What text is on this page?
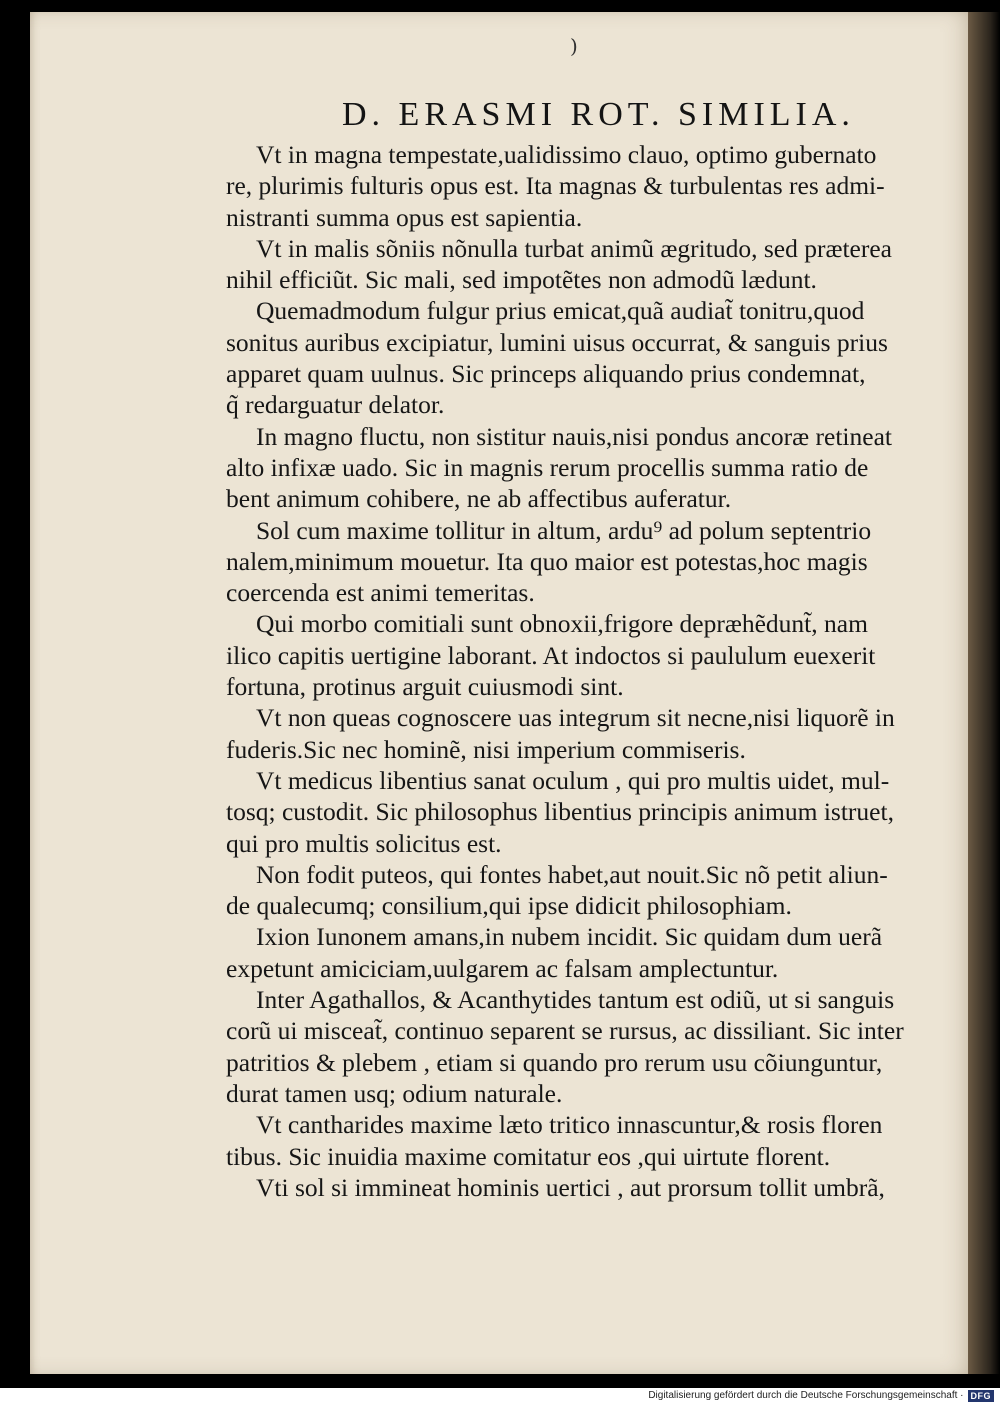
)
D. ERASMI ROT. SIMILIA.
Vt in magna tempestate,ualidissimo clauo, optimo gubernato
re, plurimis fulturis opus est. Ita magnas & turbulentas res admi-
nistranti summa opus est sapientia.
Vt in malis sõniis nõnulla turbat animũ ægritudo, sed præterea
nihil efficiũt. Sic mali, sed impotẽtes non admodũ lædunt.
Quemadmodum fulgur prius emicat,quã audiat̃ tonitru,quod
sonitus auribus excipiatur, lumini uisus occurrat, & sanguis prius
apparet quam uulnus. Sic princeps aliquando prius condemnat,
q̃ redarguatur delator.
In magno fluctu, non sistitur nauis,nisi pondus ancoræ retineat
alto infixæ uado. Sic in magnis rerum procellis summa ratio de
bent animum cohibere, ne ab affectibus auferatur.
Sol cum maxime tollitur in altum, ardu⁹ ad polum septentrio
nalem,minimum mouetur. Ita quo maior est potestas,hoc magis
coercenda est animi temeritas.
Qui morbo comitiali sunt obnoxii,frigore depræhẽdunt̃, nam
ilico capitis uertigine laborant. At indoctos si paululum euexerit
fortuna, protinus arguit cuiusmodi sint.
Vt non queas cognoscere uas integrum sit necne,nisi liquorẽ in
fuderis.Sic nec hominẽ, nisi imperium commiseris.
Vt medicus libentius sanat oculum , qui pro multis uidet, mul-
tosq; custodit. Sic philosophus libentius principis animum istruet,
qui pro multis solicitus est.
Non fodit puteos, qui fontes habet,aut nouit.Sic nõ petit aliun-
de qualecumq; consilium,qui ipse didicit philosophiam.
Ixion Iunonem amans,in nubem incidit. Sic quidam dum uerã
expetunt amiciciam,uulgarem ac falsam amplectuntur.
Inter Agathallos, & Acanthytides tantum est odiũ, ut si sanguis
corũ ui misceat̃, continuo separent se rursus, ac dissiliant. Sic inter
patritios & plebem , etiam si quando pro rerum usu cõiunguntur,
durat tamen usq; odium naturale.
Vt cantharides maxime læto tritico innascuntur,& rosis floren
tibus. Sic inuidia maxime comitatur eos ,qui uirtute florent.
Vti sol si immineat hominis uertici , aut prorsum tollit umbrã,
Digitalisierung gefördert durch die Deutsche Forschungsgemeinschaft · DFG
